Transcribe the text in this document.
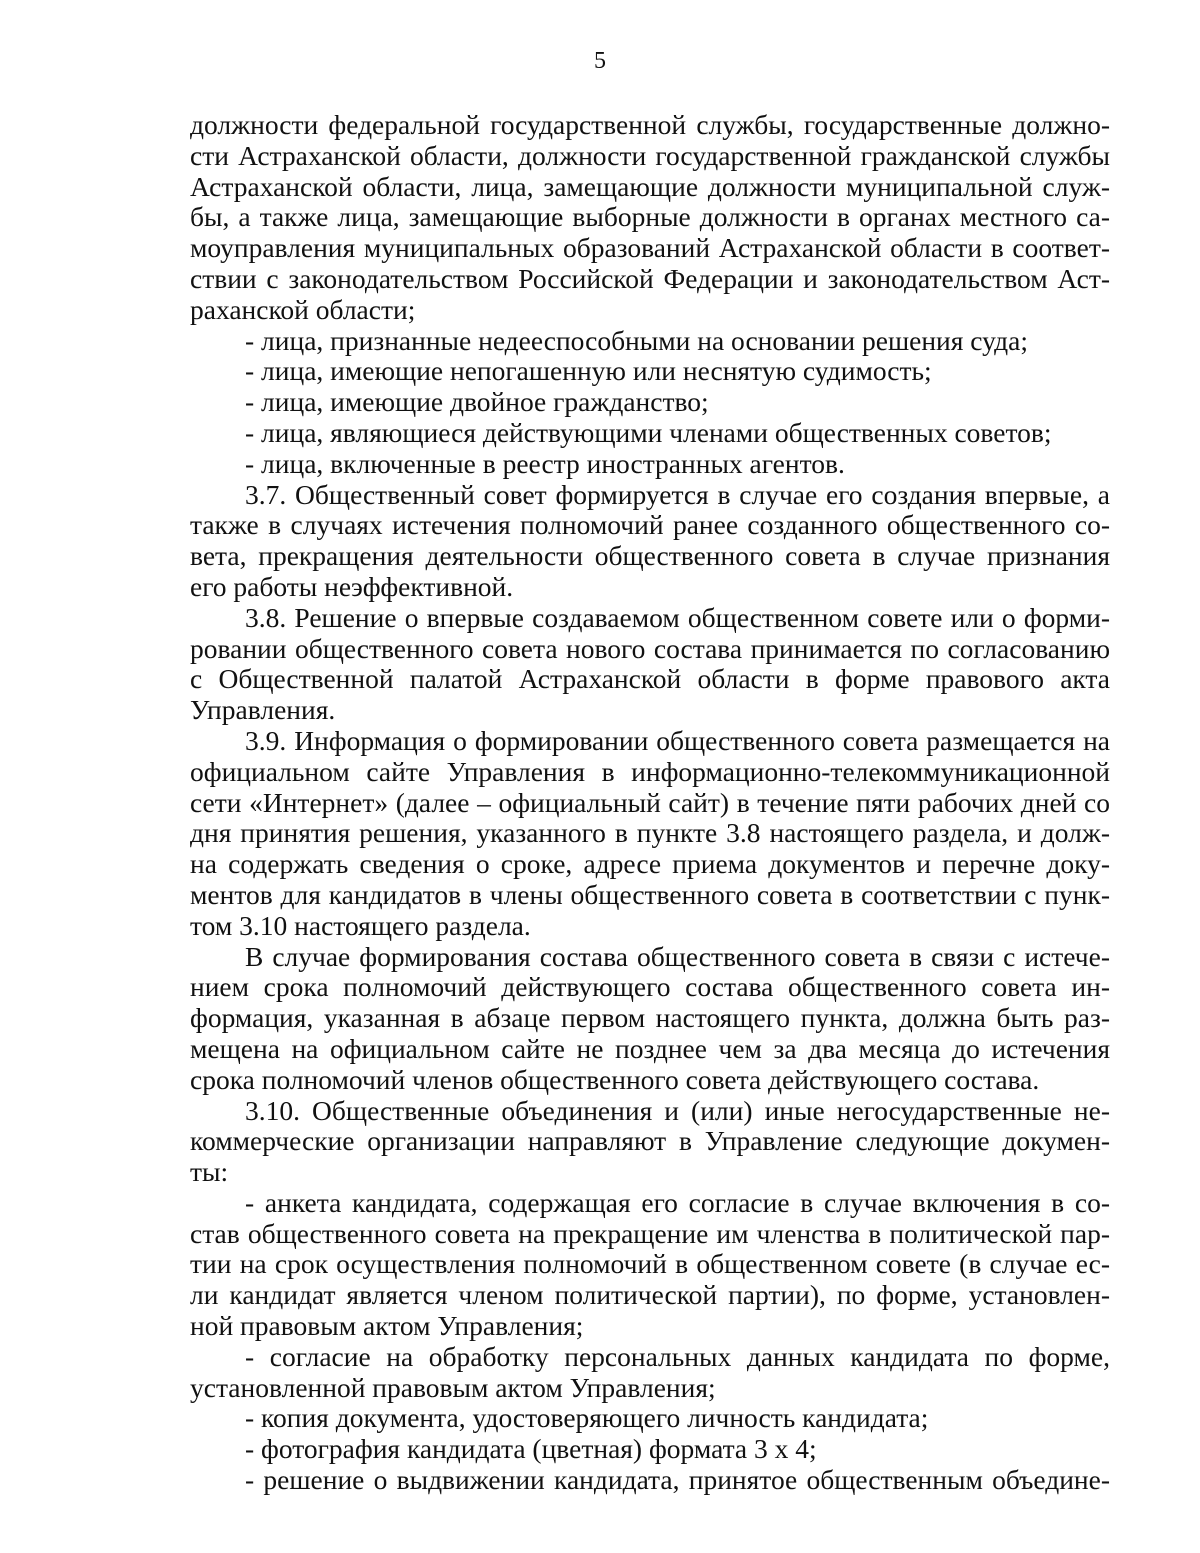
5
должности федеральной государственной службы, государственные должно-
сти Астраханской области, должности государственной гражданской службы
Астраханской области, лица, замещающие должности муниципальной служ-
бы, а также лица, замещающие выборные должности в органах местного са-
моуправления муниципальных образований Астраханской области в соответ-
ствии с законодательством Российской Федерации и законодательством Аст-
раханской области;
- лица, признанные недееспособными на основании решения суда;
- лица, имеющие непогашенную или неснятую судимость;
- лица, имеющие двойное гражданство;
- лица, являющиеся действующими членами общественных советов;
- лица, включенные в реестр иностранных агентов.
3.7. Общественный совет формируется в случае его создания впервые, а
также в случаях истечения полномочий ранее созданного общественного со-
вета, прекращения деятельности общественного совета в случае признания
его работы неэффективной.
3.8. Решение о впервые создаваемом общественном совете или о форми-
ровании общественного совета нового состава принимается по согласованию
с Общественной палатой Астраханской области в форме правового акта
Управления.
3.9. Информация о формировании общественного совета размещается на
официальном сайте Управления в информационно-телекоммуникационной
сети «Интернет» (далее – официальный сайт) в течение пяти рабочих дней со
дня принятия решения, указанного в пункте 3.8 настоящего раздела, и долж-
на содержать сведения о сроке, адресе приема документов и перечне доку-
ментов для кандидатов в члены общественного совета в соответствии с пунк-
том 3.10 настоящего раздела.
В случае формирования состава общественного совета в связи с истече-
нием срока полномочий действующего состава общественного совета ин-
формация, указанная в абзаце первом настоящего пункта, должна быть раз-
мещена на официальном сайте не позднее чем за два месяца до истечения
срока полномочий членов общественного совета действующего состава.
3.10. Общественные объединения и (или) иные негосударственные не-
коммерческие организации направляют в Управление следующие докумен-
ты:
- анкета кандидата, содержащая его согласие в случае включения в со-
став общественного совета на прекращение им членства в политической пар-
тии на срок осуществления полномочий в общественном совете (в случае ес-
ли кандидат является членом политической партии), по форме, установлен-
ной правовым актом Управления;
- согласие на обработку персональных данных кандидата по форме,
установленной правовым актом Управления;
- копия документа, удостоверяющего личность кандидата;
- фотография кандидата (цветная) формата 3 х 4;
- решение о выдвижении кандидата, принятое общественным объедине-
